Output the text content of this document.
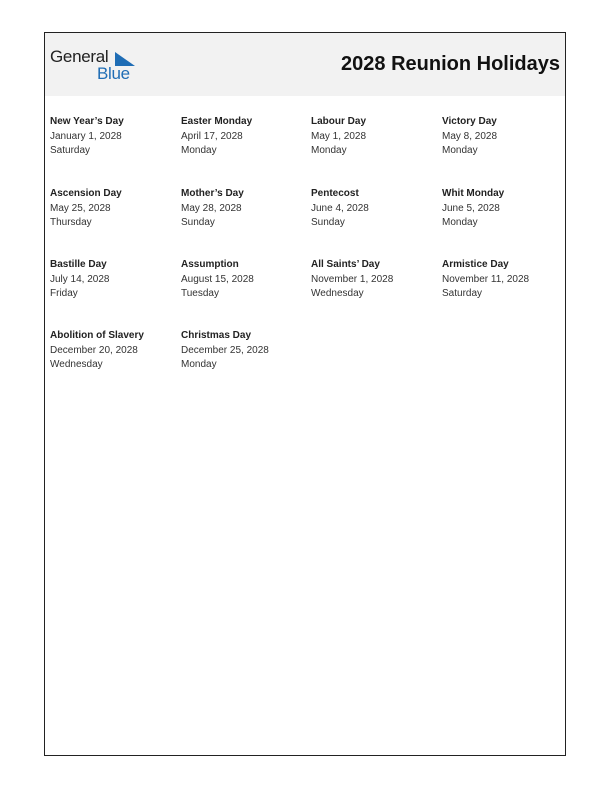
General
Blue	2028 Reunion Holidays
New Year’s Day
January 1, 2028
Saturday
Easter Monday
April 17, 2028
Monday
Labour Day
May 1, 2028
Monday
Victory Day
May 8, 2028
Monday
Ascension Day
May 25, 2028
Thursday
Mother’s Day
May 28, 2028
Sunday
Pentecost
June 4, 2028
Sunday
Whit Monday
June 5, 2028
Monday
Bastille Day
July 14, 2028
Friday
Assumption
August 15, 2028
Tuesday
All Saints’ Day
November 1, 2028
Wednesday
Armistice Day
November 11, 2028
Saturday
Abolition of Slavery
December 20, 2028
Wednesday
Christmas Day
December 25, 2028
Monday
